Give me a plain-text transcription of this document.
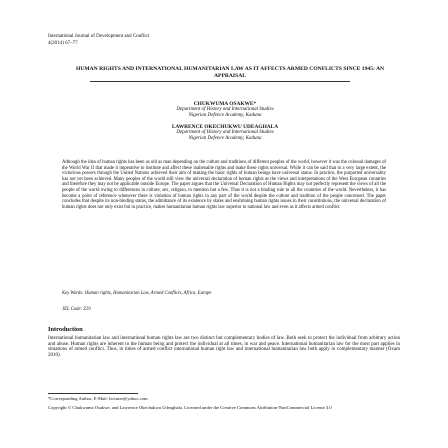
International Journal of Development and Conflict
4(2014) 67–77
HUMAN RIGHTS AND INTERNATIONAL HUMANITARIAN LAW AS IT AFFECTS ARMED CONFLICTS SINCE 1945: AN APPRAISAL
CHUKWUMA OSAKWE*
Department of History and International Studies
Nigerian Defence Academy, Kaduna
LAWRENCE OKECHUKWU UDEAGHALA
Department of History and International Studies
Nigerian Defence Academy, Kaduna
Although the idea of human rights has been as old as man depending on the culture and traditions of different peoples of the world, however it was the colossal damages of the World War II that made it imperative to institute and affect these inalienable rights and make these rights universal. While it can be said that to a very large extent, the victorious powers through the United Nations achieved their aim of making the basic rights of human beings have universal status. In practice, the purported universality has not yet been achieved. Many peoples of the world still view the universal declaration of human rights as the views and interpretations of the West European countries and therefore they may not be applicable outside Europe. The paper argues that the Universal Declaration of Human Rights may not perfectly represent the views of all the people of the world owing to differences in culture, sex, religion, to mention but a few. Thus it is not a binding rule to all the countries of the world. Nevertheless, it has become a point of reference whenever there is violation of human rights in any part of the world despite the culture and tradition of the people concerned. The paper concludes that despite its non-binding status, the admittance of its existence by states and enshrining human rights issues in their constitutions, the universal declaration of human rights does not only exist but in practice, makes humanitarian human rights law superior to national law and even as it affects armed conflict.
Key Words: Human rights, Humanitarian Law, Armed Conflicts, Africa, Europe
JEL Code: Z19
Introduction
International humanitarian law and international human rights law are two distinct but complementary bodies of law. Both seek to protect the individual from arbitrary action and abuse. Human rights are inherent to the human being and protect the individual at all times, in war and peace. International humanitarian law for the most part applies in situations of armed conflict. Thus, in times of armed conflict international human right law and international humanitarian law both apply in complementary manner (Oxam 2010).
*Corresponding Author, E-Mail: lecturer@yahoo.com
Copyright © Chukwuma Osakwe, and Lawrence Okechukwu Udeaghala. Licensed under the Creative Commons Attribution-NonCommercial License 3.0
